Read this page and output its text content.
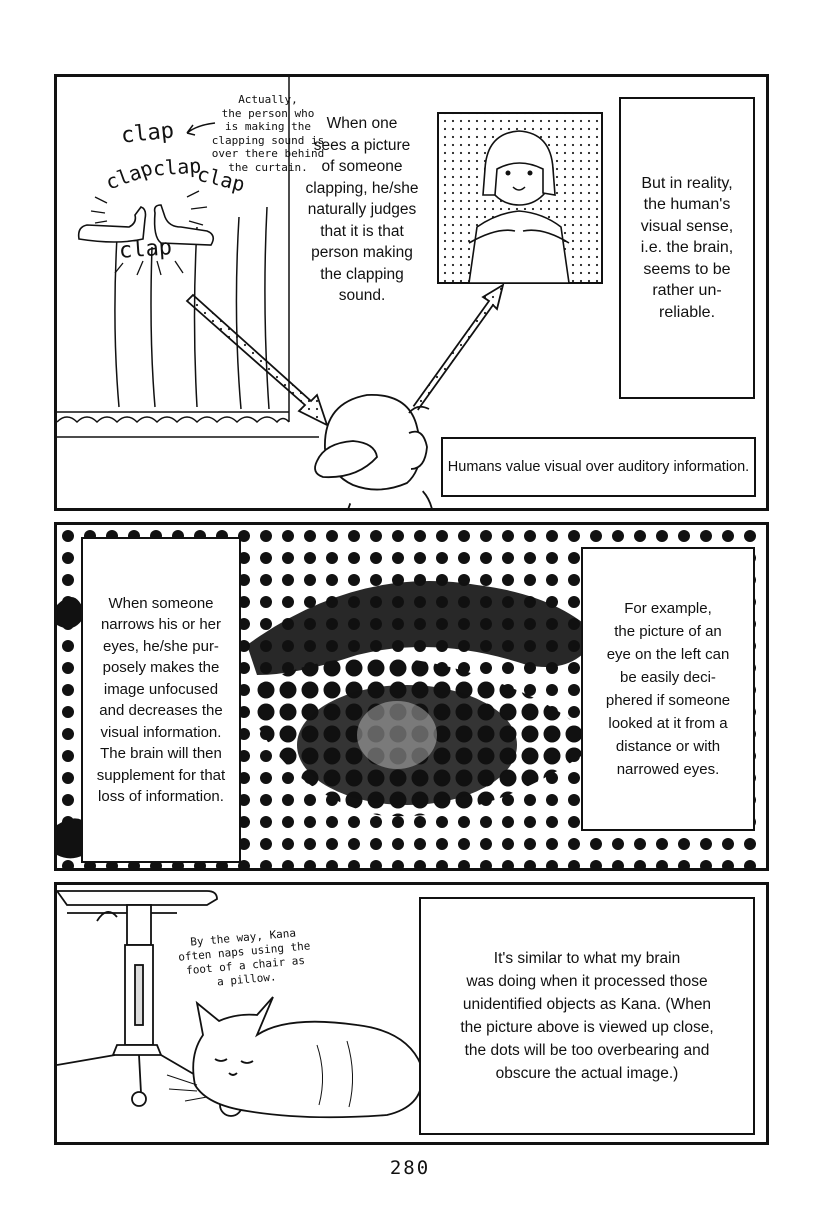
Actually,
the person who
is making the
clapping sound is
over there behind
the curtain.
clap
clap
clap
clap
clap
When one
sees a picture
of someone
clapping, he/she
naturally judges
that it is that
person making
the clapping
sound.
But in reality,
the human's
visual sense,
i.e. the brain,
seems to be
rather un-
reliable.
Humans value visual over auditory information.
When someone
narrows his or her
eyes, he/she pur-
posely makes the
image unfocused
and decreases the
visual information.
The brain will then
supplement for that
loss of information.
For example,
the picture of an
eye on the left can
be easily deci-
phered if someone
looked at it from a
distance or with
narrowed eyes.
By the way, Kana
often naps using the
foot of a chair as
a pillow.
It's similar to what my brain
was doing when it processed those
unidentified objects as Kana. (When
the picture above is viewed up close,
the dots will be too overbearing and
obscure the actual image.)
280
